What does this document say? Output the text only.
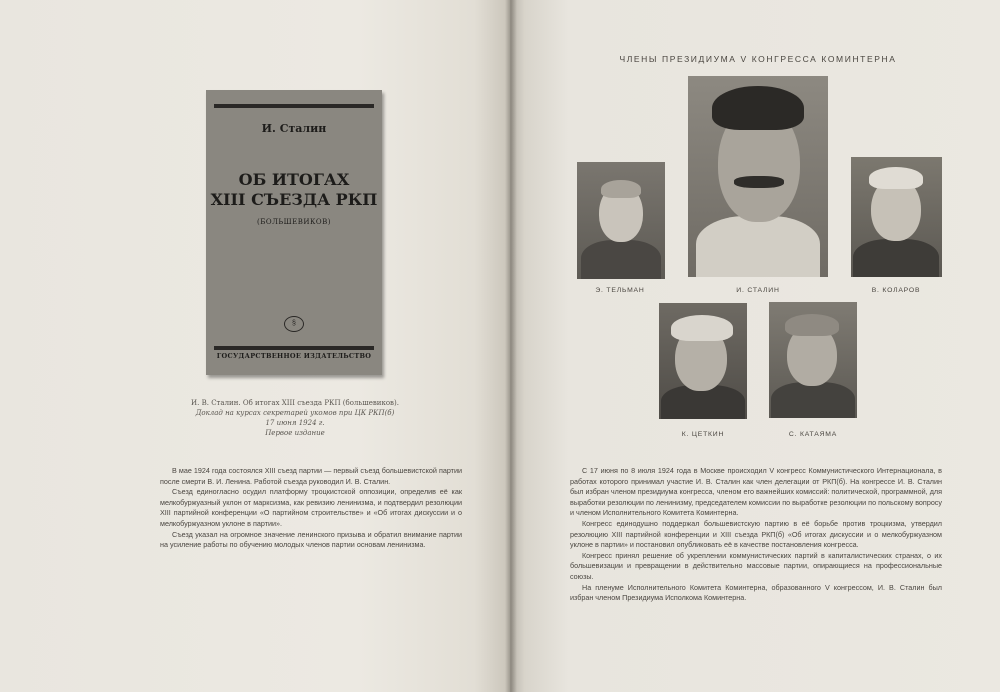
И. Сталин
ОБ ИТОГАХ
XIII СЪЕЗДА РКП
(БОЛЬШЕВИКОВ)
§
ГОСУДАРСТВЕННОЕ ИЗДАТЕЛЬСТВО
И. В. Сталин. Об итогах XIII съезда РКП (большевиков).
Доклад на курсах секретарей укомов при ЦК РКП(б)
17 июня 1924 г.
Первое издание

В мае 1924 года состоялся XIII съезд партии — первый съезд большевистской партии после смерти В. И. Ленина. Работой съезда руководил И. В. Сталин.

Съезд единогласно осудил платформу троцкистской оппозиции, определив её как мелкобуржуазный уклон от марксизма, как ревизию ленинизма, и подтвердил резолюции XIII партийной конференции «О партийном строительстве» и «Об итогах дискуссии и о мелкобуржуазном уклоне в партии».

Съезд указал на огромное значение ленинского призыва и обратил внимание партии на усиление работы по обучению молодых членов партии основам ленинизма.

ЧЛЕНЫ ПРЕЗИДИУМА V КОНГРЕССА КОМИНТЕРНА
Э. ТЕЛЬМАН	И. СТАЛИН	В. КОЛАРОВ
К. ЦЕТКИН	С. КАТАЯМА

С 17 июня по 8 июля 1924 года в Москве происходил V конгресс Коммунистического Интернационала, в работах которого принимал участие И. В. Сталин как член делегации от РКП(б). На конгрессе И. В. Сталин был избран членом президиума конгресса, членом его важнейших комиссий: политической, программной, для выработки резолюции по ленинизму, председателем комиссии по выработке резолюции по польскому вопросу и членом Исполнительного Комитета Коминтерна.

Конгресс единодушно поддержал большевистскую партию в её борьбе против троцкизма, утвердил резолюцию XIII партийной конференции и XIII съезда РКП(б) «Об итогах дискуссии и о мелкобуржуазном уклоне в партии» и постановил опубликовать её в качестве постановления конгресса.

Конгресс принял решение об укреплении коммунистических партий в капиталистических странах, о их большевизации и превращении в действительно массовые партии, опирающиеся на профессиональные союзы.

На пленуме Исполнительного Комитета Коминтерна, образованного V конгрессом, И. В. Сталин был избран членом Президиума Исполкома Коминтерна.
